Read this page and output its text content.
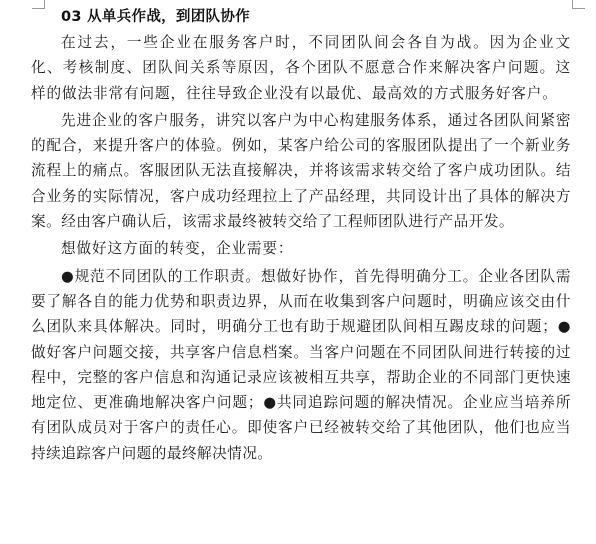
03 从单兵作战，到团队协作

在过去，一些企业在服务客户时，不同团队间会各自为战。因为企业文化、考核制度、团队间关系等原因，各个团队不愿意合作来解决客户问题。这样的做法非常有问题，往往导致企业没有以最优、最高效的方式服务好客户。

先进企业的客户服务，讲究以客户为中心构建服务体系，通过各团队间紧密的配合，来提升客户的体验。例如，某客户给公司的客服团队提出了一个新业务流程上的痛点。客服团队无法直接解决，并将该需求转交给了客户成功团队。结合业务的实际情况，客户成功经理拉上了产品经理，共同设计出了具体的解决方案。经由客户确认后，该需求最终被转交给了工程师团队进行产品开发。

想做好这方面的转变，企业需要：

●规范不同团队的工作职责。想做好协作，首先得明确分工。企业各团队需要了解各自的能力优势和职责边界，从而在收集到客户问题时，明确应该交由什么团队来具体解决。同时，明确分工也有助于规避团队间相互踢皮球的问题；●做好客户问题交接，共享客户信息档案。当客户问题在不同团队间进行转接的过程中，完整的客户信息和沟通记录应该被相互共享，帮助企业的不同部门更快速地定位、更准确地解决客户问题；●共同追踪问题的解决情况。企业应当培养所有团队成员对于客户的责任心。即使客户已经被转交给了其他团队，他们也应当持续追踪客户问题的最终解决情况。
